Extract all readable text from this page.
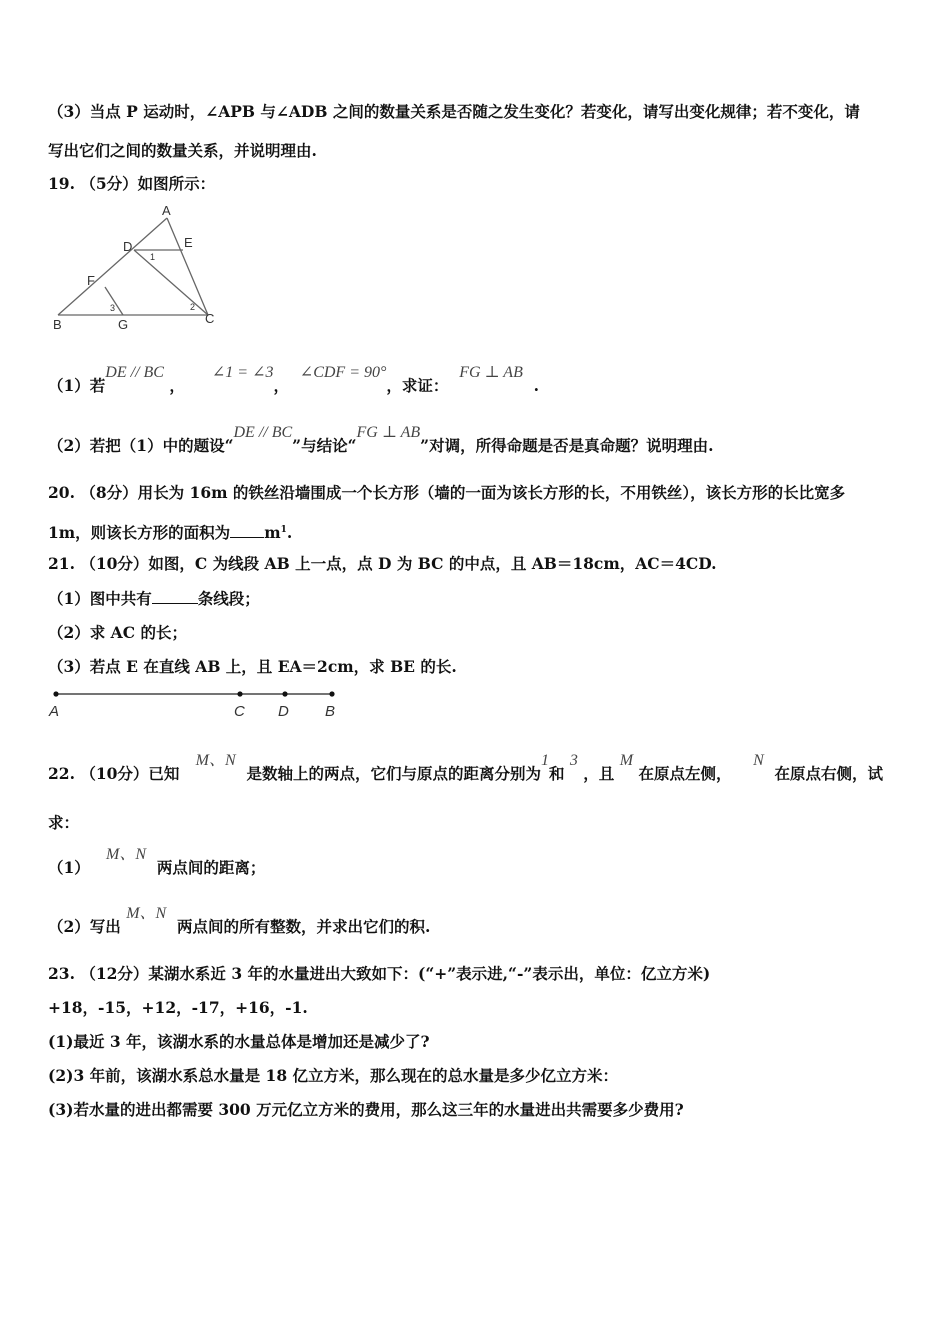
（3）当点 P 运动时，∠APB 与∠ADB 之间的数量关系是否随之发生变化？若变化，请写出变化规律；若不变化，请
写出它们之间的数量关系，并说明理由.
19. （5分）如图所示：
A
D	E
F
B	G	C
1
2
3
（1）若DE // BC ，     ∠1 = ∠3，  ∠CDF = 90°，求证：  FG ⊥ AB  .
（2）若把（1）中的题设“DE // BC”与结论“FG ⊥ AB”对调，所得命题是否是真命题？说明理由.
20. （8分）用长为 16m 的铁丝沿墙围成一个长方形（墙的一面为该长方形的长，不用铁丝），该长方形的长比宽多
1m，则该长方形的面积为 $m^1$.
21. （10分）如图，C 为线段 AB 上一点，点 D 为 BC 的中点，且 AB＝18cm，AC＝4CD.
（1）图中共有	条线段；
（2）求 AC 的长；
（3）若点 E 在直线 AB 上，且 EA＝2cm，求 BE 的长.
A	C D B
22. （10分）已知   M、N  是数轴上的两点，它们与原点的距离分别为1和 3 ，且 M 在原点左侧，    N  在原点右侧，试
求：
（1）   M、N  两点间的距离；
（2）写出 M、N  两点间的所有整数，并求出它们的积.
23. （12分）某湖水系近 3 年的水量进出大致如下：(“+”表示进,“-”表示出，单位：亿立方米)
+18，-15，+12，-17，+16，-1.
(1)最近 3 年，该湖水系的水量总体是增加还是减少了?
(2)3 年前，该湖水系总水量是 18 亿立方米，那么现在的总水量是多少亿立方米：
(3)若水量的进出都需要 300 万元亿立方米的费用，那么这三年的水量进出共需要多少费用?
